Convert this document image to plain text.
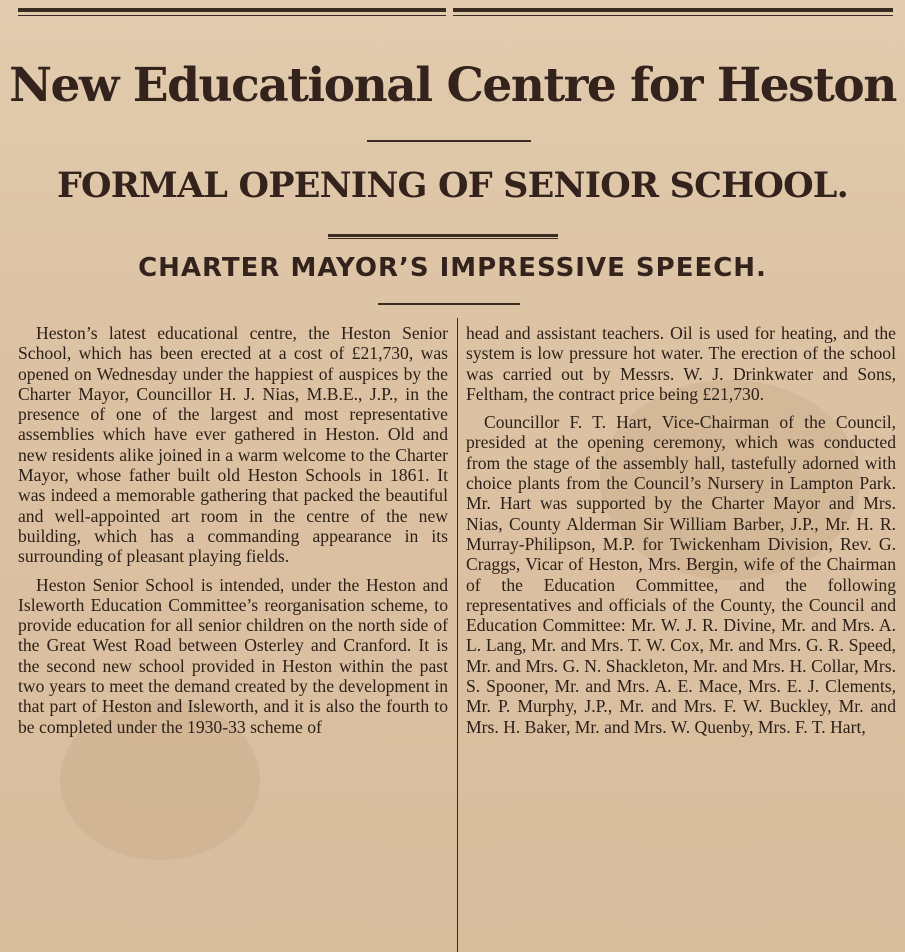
New Educational Centre for Heston
FORMAL OPENING OF SENIOR SCHOOL.
CHARTER MAYOR’S IMPRESSIVE SPEECH.

Heston’s latest educational centre, the Heston Senior School, which has been erected at a cost of £21,730, was opened on Wednesday under the happiest of auspices by the Charter Mayor, Councillor H. J. Nias, M.B.E., J.P., in the presence of one of the largest and most representative assemblies which have ever gathered in Heston. Old and new residents alike joined in a warm welcome to the Charter Mayor, whose father built old Heston Schools in 1861. It was indeed a memorable gathering that packed the beautiful and well-appointed art room in the centre of the new building, which has a commanding appearance in its surrounding of pleasant playing fields.

Heston Senior School is intended, under the Heston and Isleworth Education Committee’s reorganisation scheme, to provide education for all senior children on the north side of the Great West Road between Osterley and Cranford. It is the second new school provided in Heston within the past two years to meet the demand created by the development in that part of Heston and Isleworth, and it is also the fourth to be completed under the 1930-33 scheme of

head and assistant teachers. Oil is used for heating, and the system is low pressure hot water. The erection of the school was carried out by Messrs. W. J. Drinkwater and Sons, Feltham, the contract price being £21,730.

Councillor F. T. Hart, Vice-Chairman of the Council, presided at the opening ceremony, which was conducted from the stage of the assembly hall, tastefully adorned with choice plants from the Council’s Nursery in Lampton Park. Mr. Hart was supported by the Charter Mayor and Mrs. Nias, County Alderman Sir William Barber, J.P., Mr. H. R. Murray-Philipson, M.P. for Twickenham Division, Rev. G. Craggs, Vicar of Heston, Mrs. Bergin, wife of the Chairman of the Education Committee, and the following representatives and officials of the County, the Council and Education Committee: Mr. W. J. R. Divine, Mr. and Mrs. A. L. Lang, Mr. and Mrs. T. W. Cox, Mr. and Mrs. G. R. Speed, Mr. and Mrs. G. N. Shackleton, Mr. and Mrs. H. Collar, Mrs. S. Spooner, Mr. and Mrs. A. E. Mace, Mrs. E. J. Clements, Mr. P. Murphy, J.P., Mr. and Mrs. F. W. Buckley, Mr. and Mrs. H. Baker, Mr. and Mrs. W. Quenby, Mrs. F. T. Hart,
